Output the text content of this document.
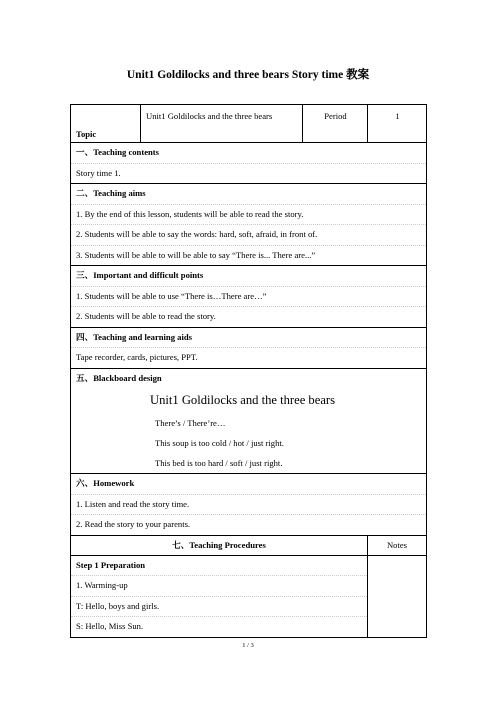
Unit1 Goldilocks and three bears Story time 教案
Topic	Unit1 Goldilocks and the three bears	Period	1

一、Teaching contents
Story time 1.			

二、Teaching aims
1. By the end of this lesson, students will be able to read the story.
2. Students will be able to say the words: hard, soft, afraid, in front of.
3. Students will be able to will be able to say “There is... There are...”			

三、Important and difficult points
1. Students will be able to use “There is…There are…”
2. Students will be able to read the story.			

四、Teaching and learning aids
Tape recorder, cards, pictures, PPT.			

五、Blackboard design
Unit1 Goldilocks and the three bears
There’s / There’re…
This soup is too cold / hot / just right.
This bed is too hard / soft / just right.			

六、Homework
1. Listen and read the story time.
2. Read the story to your parents.			

七、Teaching Procedures			Notes

Step 1 Preparation
1. Warming-up
T: Hello, boys and girls.
S: Hello, Miss Sun.			

1 / 3
